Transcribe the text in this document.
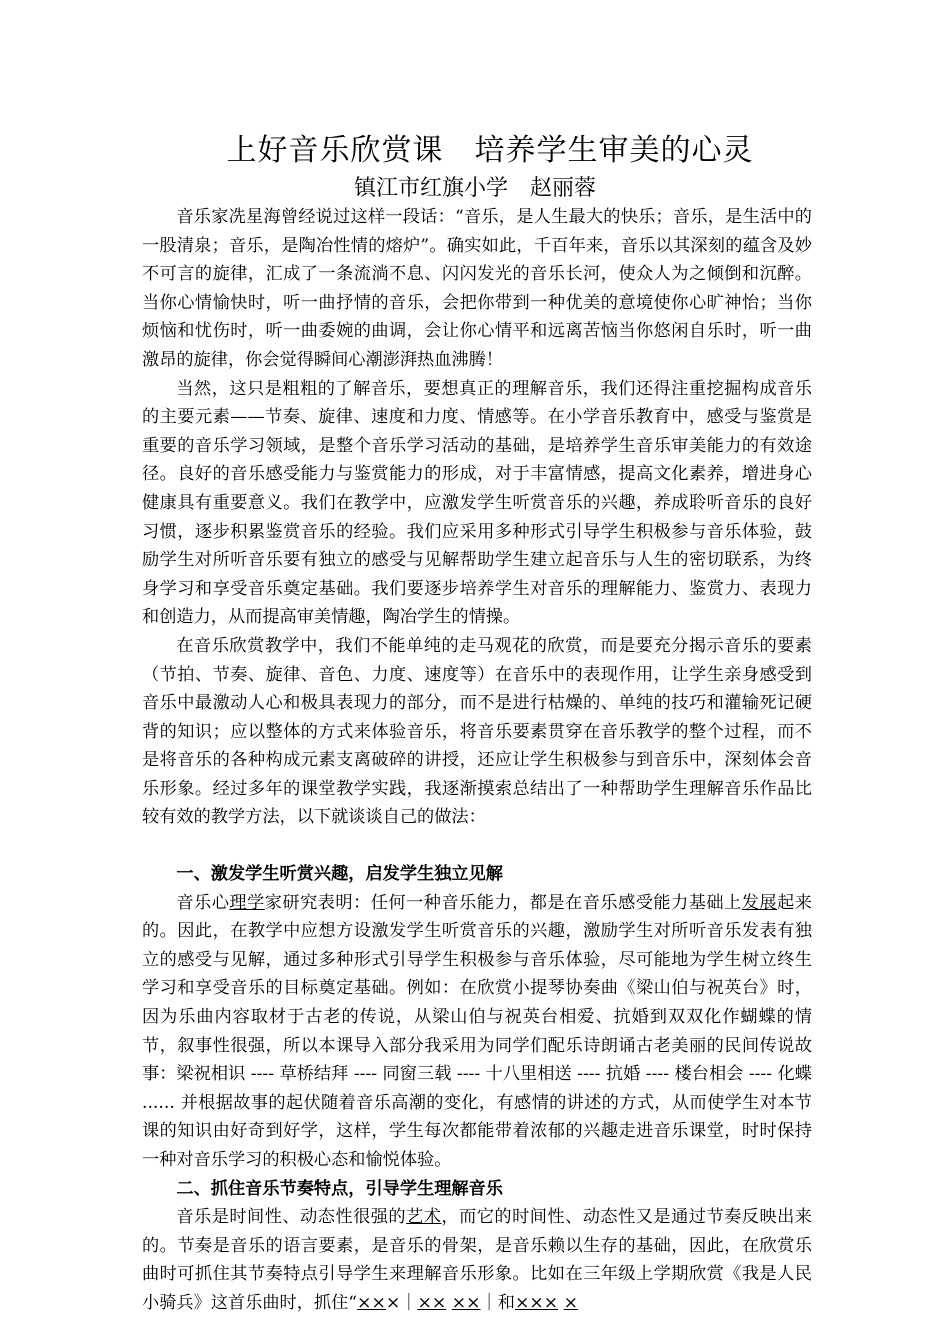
上好音乐欣赏课　培养学生审美的心灵
镇江市红旗小学　赵丽蓉

音乐家冼星海曾经说过这样一段话：“音乐，是人生最大的快乐；音乐，是生活中的一股清泉；音乐，是陶冶性情的熔炉”。确实如此，千百年来，音乐以其深刻的蕴含及妙不可言的旋律，汇成了一条流淌不息、闪闪发光的音乐长河，使众人为之倾倒和沉醉。当你心情愉快时，听一曲抒情的音乐，会把你带到一种优美的意境使你心旷神怡；当你烦恼和忧伤时，听一曲委婉的曲调，会让你心情平和远离苦恼当你悠闲自乐时，听一曲激昂的旋律，你会觉得瞬间心潮澎湃热血沸腾！

当然，这只是粗粗的了解音乐，要想真正的理解音乐，我们还得注重挖掘构成音乐的主要元素——节奏、旋律、速度和力度、情感等。在小学音乐教育中，感受与鉴赏是重要的音乐学习领域，是整个音乐学习活动的基础，是培养学生音乐审美能力的有效途径。良好的音乐感受能力与鉴赏能力的形成，对于丰富情感，提高文化素养，增进身心健康具有重要意义。我们在教学中，应激发学生听赏音乐的兴趣，养成聆听音乐的良好习惯，逐步积累鉴赏音乐的经验。我们应采用多种形式引导学生积极参与音乐体验，鼓励学生对所听音乐要有独立的感受与见解帮助学生建立起音乐与人生的密切联系，为终身学习和享受音乐奠定基础。我们要逐步培养学生对音乐的理解能力、鉴赏力、表现力和创造力，从而提高审美情趣，陶冶学生的情操。

在音乐欣赏教学中，我们不能单纯的走马观花的欣赏，而是要充分揭示音乐的要素（节拍、节奏、旋律、音色、力度、速度等）在音乐中的表现作用，让学生亲身感受到音乐中最激动人心和极具表现力的部分，而不是进行枯燥的、单纯的技巧和灌输死记硬背的知识；应以整体的方式来体验音乐，将音乐要素贯穿在音乐教学的整个过程，而不是将音乐的各种构成元素支离破碎的讲授，还应让学生积极参与到音乐中，深刻体会音乐形象。经过多年的课堂教学实践，我逐渐摸索总结出了一种帮助学生理解音乐作品比较有效的教学方法，以下就谈谈自己的做法：

一、激发学生听赏兴趣，启发学生独立见解

音乐心理学家研究表明：任何一种音乐能力，都是在音乐感受能力基础上发展起来的。因此，在教学中应想方设激发学生听赏音乐的兴趣，激励学生对所听音乐发表有独立的感受与见解，通过多种形式引导学生积极参与音乐体验，尽可能地为学生树立终生学习和享受音乐的目标奠定基础。例如：在欣赏小提琴协奏曲《梁山伯与祝英台》时，因为乐曲内容取材于古老的传说，从梁山伯与祝英台相爱、抗婚到双双化作蝴蝶的情节，叙事性很强，所以本课导入部分我采用为同学们配乐诗朗诵古老美丽的民间传说故事：梁祝相识 ---- 草桥结拜 ---- 同窗三载 ---- 十八里相送 ---- 抗婚 ---- 楼台相会 ---- 化蝶 ...... 并根据故事的起伏随着音乐高潮的变化，有感情的讲述的方式，从而使学生对本节课的知识由好奇到好学，这样，学生每次都能带着浓郁的兴趣走进音乐课堂，时时保持一种对音乐学习的积极心态和愉悦体验。

二、抓住音乐节奏特点，引导学生理解音乐

音乐是时间性、动态性很强的艺术，而它的时间性、动态性又是通过节奏反映出来的。节奏是音乐的语言要素，是音乐的骨架，是音乐赖以生存的基础，因此，在欣赏乐曲时可抓住其节奏特点引导学生来理解音乐形象。比如在三年级上学期欣赏《我是人民小骑兵》这首乐曲时，抓住“×××｜×× ××｜和××× ×
